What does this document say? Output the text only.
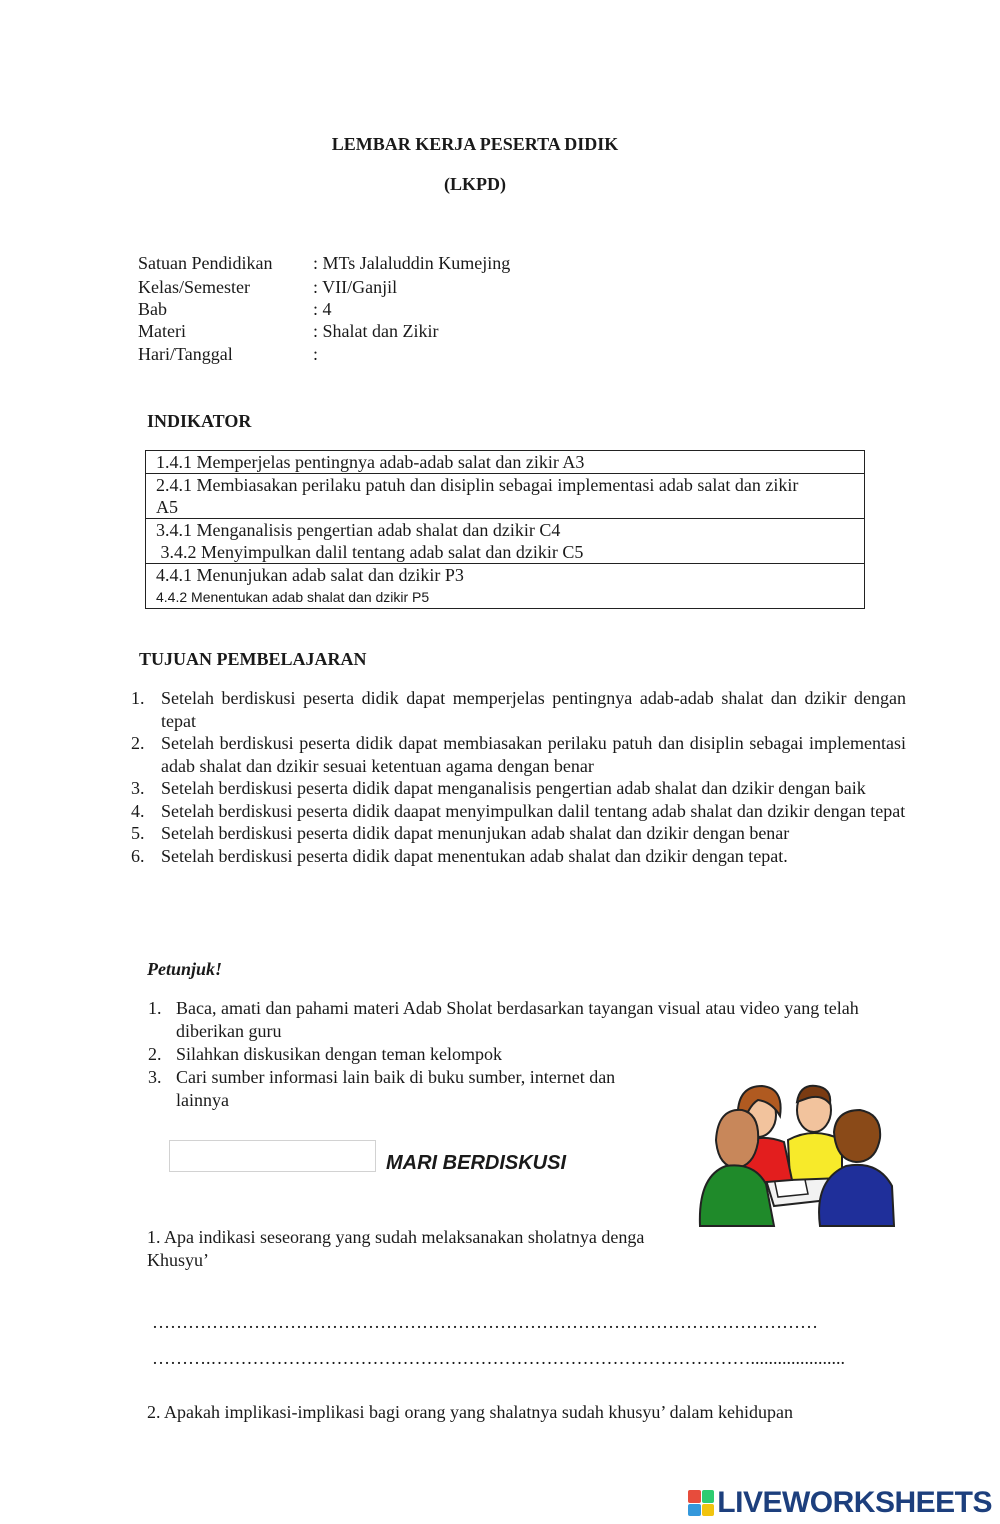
LEMBAR KERJA PESERTA DIDIK
(LKPD)
Satuan Pendidikan : MTs Jalaluddin Kumejing
Kelas/Semester	: VII/Ganjil
Bab	: 4
Materi	: Shalat dan Zikir
Hari/Tanggal	:
INDIKATOR
1.4.1 Memperjelas pentingnya adab-adab salat dan zikir A3
2.4.1 Membiasakan perilaku patuh dan disiplin sebagai implementasi adab salat dan zikir
A5
3.4.1 Menganalisis pengertian adab shalat dan dzikir C4
3.4.2 Menyimpulkan dalil tentang adab salat dan dzikir C5
4.4.1 Menunjukan adab salat dan dzikir P3
4.4.2 Menentukan adab shalat dan dzikir P5
TUJUAN PEMBELAJARAN
1. Setelah berdiskusi peserta didik dapat memperjelas pentingnya adab-adab shalat dan dzikir dengan tepat
2. Setelah berdiskusi peserta didik dapat membiasakan perilaku patuh dan disiplin sebagai implementasi adab shalat dan dzikir sesuai ketentuan agama dengan benar
3. Setelah berdiskusi peserta didik dapat menganalisis pengertian adab shalat dan dzikir dengan baik
4. Setelah berdiskusi peserta didik daapat menyimpulkan dalil tentang adab shalat dan dzikir dengan tepat
5. Setelah berdiskusi peserta didik dapat menunjukan adab shalat dan dzikir dengan benar
6. Setelah berdiskusi peserta didik dapat menentukan adab shalat dan dzikir dengan tepat.
Petunjuk!
1. Baca, amati dan pahami materi Adab Sholat berdasarkan tayangan visual atau video yang telah diberikan guru
2. Silahkan diskusikan dengan teman kelompok
3. Cari sumber informasi lain baik di buku sumber, internet dan lainnya
MARI BERDISKUSI
1. Apa indikasi seseorang yang sudah melaksanakan sholatnya denga
Khusyu’
…………………………………………………………………………………………………
……….……………………………………………………………………………….....................
2. Apakah implikasi-implikasi bagi orang yang shalatnya sudah khusyu’ dalam kehidupan
LIVEWORKSHEETS
